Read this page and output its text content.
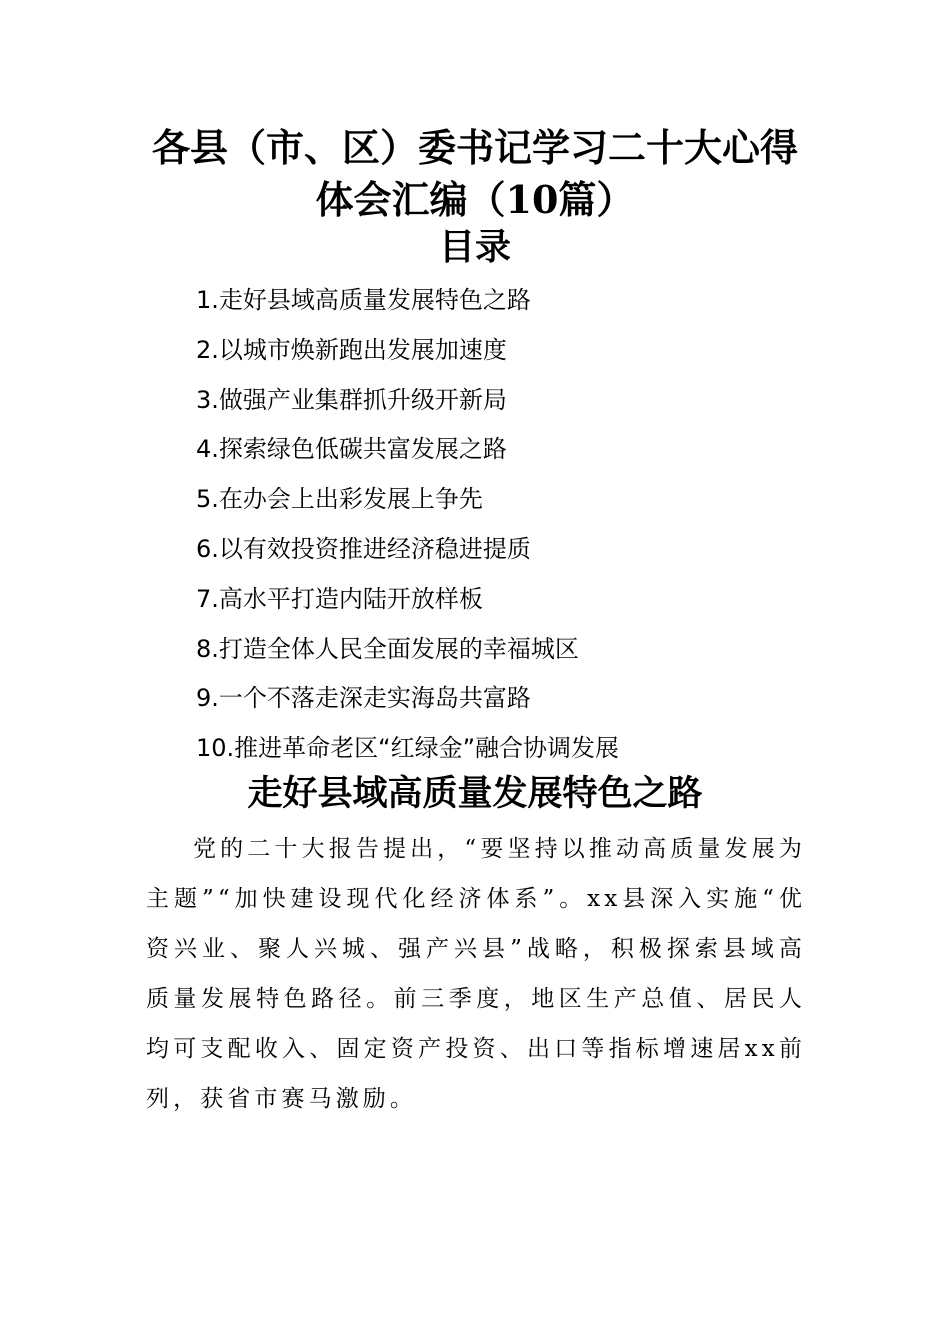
各县（市、区）委书记学习二十大心得体会汇编（10篇）
目录
1.走好县域高质量发展特色之路
2.以城市焕新跑出发展加速度
3.做强产业集群抓升级开新局
4.探索绿色低碳共富发展之路
5.在办会上出彩发展上争先
6.以有效投资推进经济稳进提质
7.高水平打造内陆开放样板
8.打造全体人民全面发展的幸福城区
9.一个不落走深走实海岛共富路
10.推进革命老区“红绿金”融合协调发展
走好县域高质量发展特色之路

党的二十大报告提出，“要坚持以推动高质量发展为主题”“加快建设现代化经济体系”。xx县深入实施“优资兴业、聚人兴城、强产兴县”战略，积极探索县域高质量发展特色路径。前三季度，地区生产总值、居民人均可支配收入、固定资产投资、出口等指标增速居xx前列，获省市赛马激励。
